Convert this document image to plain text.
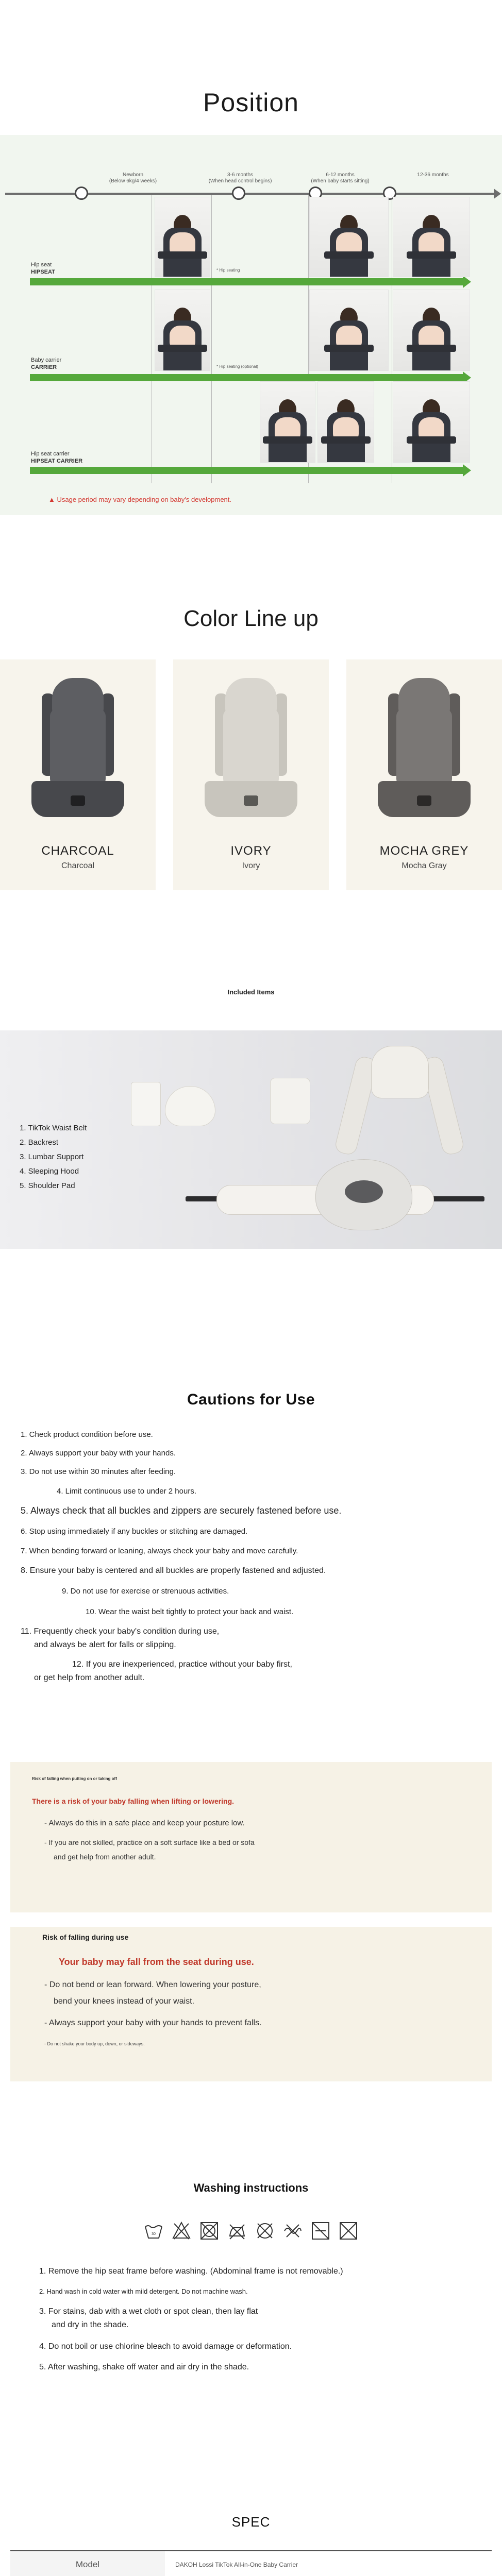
Position
Newborn
(Below 6kg/4 weeks)
3-6 months
(When head control begins)
6-12 months
(When baby starts sitting)
12-36 months
Hip seat
HIPSEAT	* Hip seating
Baby carrier
CARRIER	* Hip seating (optional)
Hip seat carrier
HIPSEAT CARRIER
▲ Usage period may vary depending on baby's development.
Color Line up
CHARCOAL
Charcoal
IVORY
Ivory
MOCHA GREY
Mocha Gray
Included Items
1. TikTok Waist Belt
2. Backrest
3. Lumbar Support
4. Sleeping Hood
5. Shoulder Pad
Cautions for Use
1. Check product condition before use.
2. Always support your baby with your hands.
3. Do not use within 30 minutes after feeding.
4. Limit continuous use to under 2 hours.
5. Always check that all buckles and zippers are securely fastened before use.
6. Stop using immediately if any buckles or stitching are damaged.
7. When bending forward or leaning, always check your baby and move carefully.
8. Ensure your baby is centered and all buckles are properly fastened and adjusted.
9. Do not use for exercise or strenuous activities.
10. Wear the waist belt tightly to protect your back and waist.
11. Frequently check your baby's condition during use,
and always be alert for falls or slipping.
12. If you are inexperienced, practice without your baby first,
or get help from another adult.
Risk of falling when putting on or taking off
There is a risk of your baby falling when lifting or lowering.
- Always do this in a safe place and keep your posture low.
- If you are not skilled, practice on a soft surface like a bed or sofa
and get help from another adult.
Risk of falling during use
Your baby may fall from the seat during use.
- Do not bend or lean forward. When lowering your posture,
bend your knees instead of your waist.
- Always support your baby with your hands to prevent falls.
- Do not shake your body up, down, or sideways.
Washing instructions
30
1. Remove the hip seat frame before washing. (Abdominal frame is not removable.)
2. Hand wash in cold water with mild detergent. Do not machine wash.
3. For stains, dab with a wet cloth or spot clean, then lay flat
and dry in the shade.
4. Do not boil or use chlorine bleach to avoid damage or deformation.
5. After washing, shake off water and air dry in the shade.
SPEC
Model	DAKOH Lossi TikTok All-in-One Baby Carrier
